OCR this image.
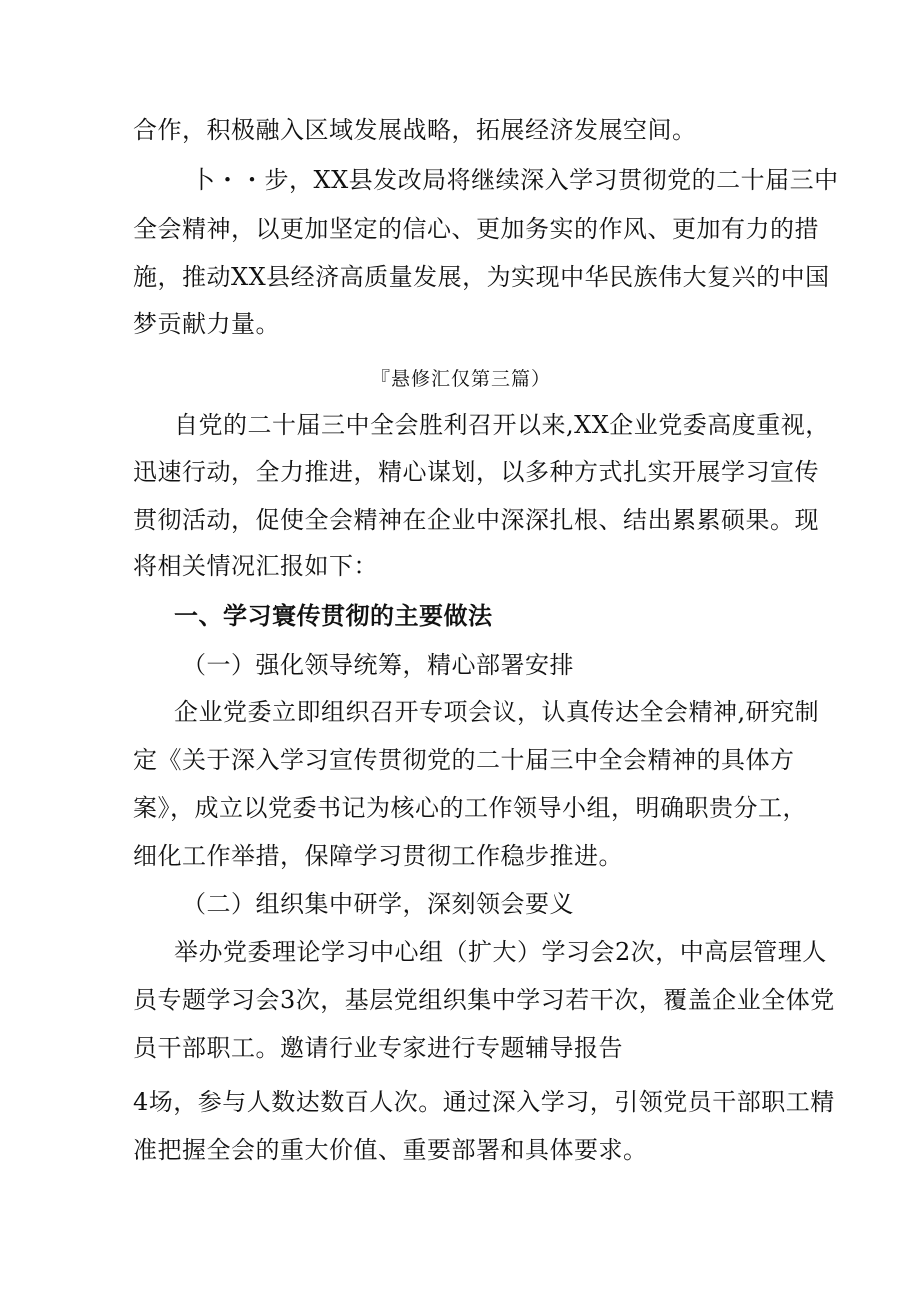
合作，积极融入区域发展战略，拓展经济发展空间。
卜・・步，XX县发改局将继续深入学习贯彻党的二十届三中
全会精神，以更加坚定的信心、更加务实的作风、更加有力的措
施，推动XX县经济高质量发展，为实现中华民族伟大复兴的中国
梦贡献力量。
『悬修汇仅第三篇）
自党的二十届三中全会胜利召开以来,XX企业党委高度重视，
迅速行动，全力推进，精心谋划，以多种方式扎实开展学习宣传
贯彻活动，促使全会精神在企业中深深扎根、结出累累硕果。现
将相关情况汇报如下：
一、学习寰传贯彻的主要做法
（一）强化领导统筹，精心部署安排
企业党委立即组织召开专项会议，认真传达全会精神,研究制
定《关于深入学习宣传贯彻党的二十届三中全会精神的具体方
案》，成立以党委书记为核心的工作领导小组，明确职贵分工，
细化工作举措，保障学习贯彻工作稳步推进。
（二）组织集中研学，深刻领会要义
举办党委理论学习中心组（扩大）学习会2次，中高层管理人
员专题学习会3次，基层党组织集中学习若干次，覆盖企业全体党
员干部职工。邀请行业专家进行专题辅导报告
4场，参与人数达数百人次。通过深入学习，引领党员干部职工精
准把握全会的重大价值、重要部署和具体要求。
